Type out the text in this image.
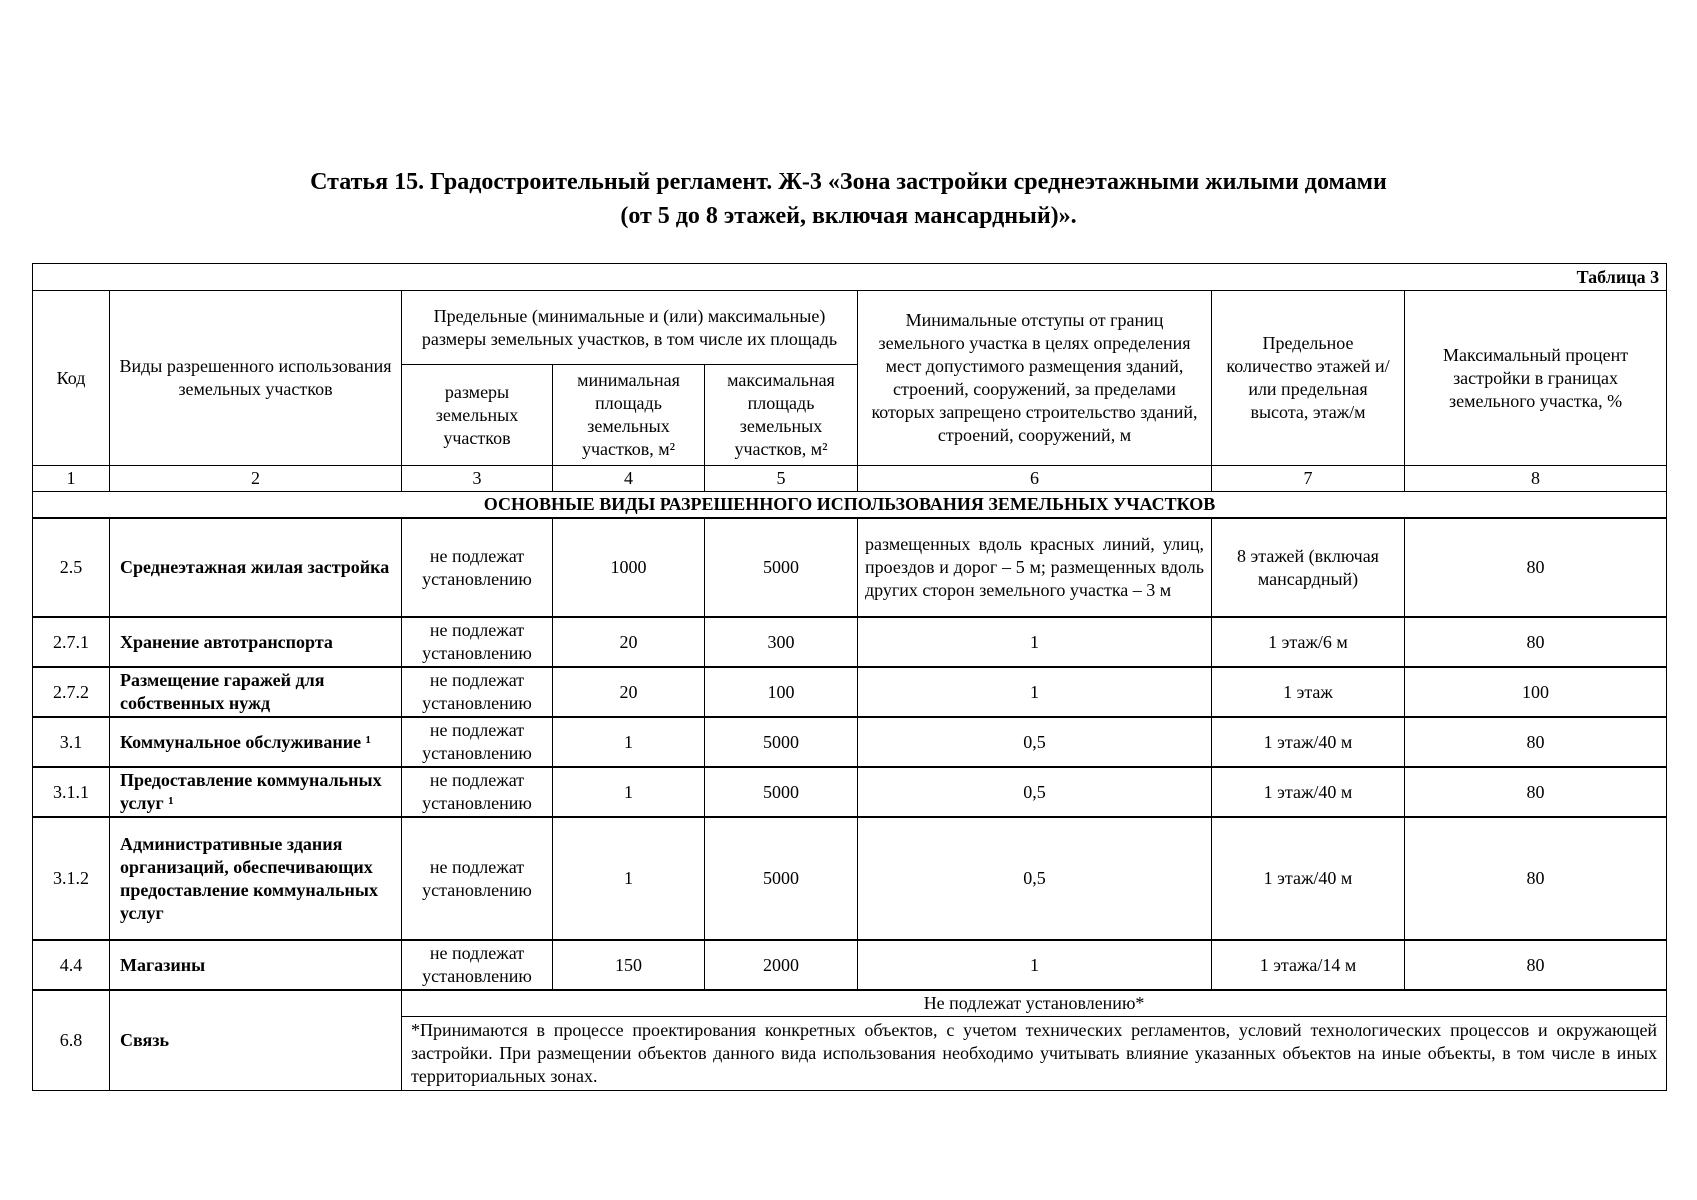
Статья 15. Градостроительный регламент. Ж-3 «Зона застройки среднеэтажными жилыми домами
(от 5 до 8 этажей, включая мансардный)».
Таблица 3							
Код	Виды разрешенного использования земельных участков	Предельные (минимальные и (или) максимальные) размеры земельных участков, в том числе их площадь			Минимальные отступы от границ земельного участка в целях определения мест допустимого размещения зданий, строений, сооружений, за пределами которых запрещено строительство зданий, строений, сооружений, м	Предельное количество этажей и/или предельная высота, этаж/м	Максимальный процент застройки в границах земельного участка, %
		размеры земельных участков	минимальная площадь земельных участков, м²	максимальная площадь земельных участков, м²			
1	2	3	4	5	6	7	8
ОСНОВНЫЕ ВИДЫ РАЗРЕШЕННОГО ИСПОЛЬЗОВАНИЯ ЗЕМЕЛЬНЫХ УЧАСТКОВ							
2.5	Среднеэтажная жилая застройка	не подлежат установлению	1000	5000	размещенных вдоль красных линий, улиц, проездов и дорог – 5 м; размещенных вдоль других сторон земельного участка – 3 м	8 этажей (включая мансардный)	80
2.7.1	Хранение автотранспорта	не подлежат установлению	20	300	1	1 этаж/6 м	80
2.7.2	Размещение гаражей для собственных нужд	не подлежат установлению	20	100	1	1 этаж	100
3.1	Коммунальное обслуживание ¹	не подлежат установлению	1	5000	0,5	1 этаж/40 м	80
3.1.1	Предоставление коммунальных услуг ¹	не подлежат установлению	1	5000	0,5	1 этаж/40 м	80
3.1.2	Административные здания организаций, обеспечивающих предоставление коммунальных услуг	не подлежат установлению	1	5000	0,5	1 этаж/40 м	80
4.4	Магазины	не подлежат установлению	150	2000	1	1 этажа/14 м	80
6.8	Связь	Не подлежат установлению*					
		*Принимаются в процессе проектирования конкретных объектов, с учетом технических регламентов, условий технологических процессов и окружающей застройки. При размещении объектов данного вида использования необходимо учитывать влияние указанных объектов на иные объекты, в том числе в иных территориальных зонах.					
